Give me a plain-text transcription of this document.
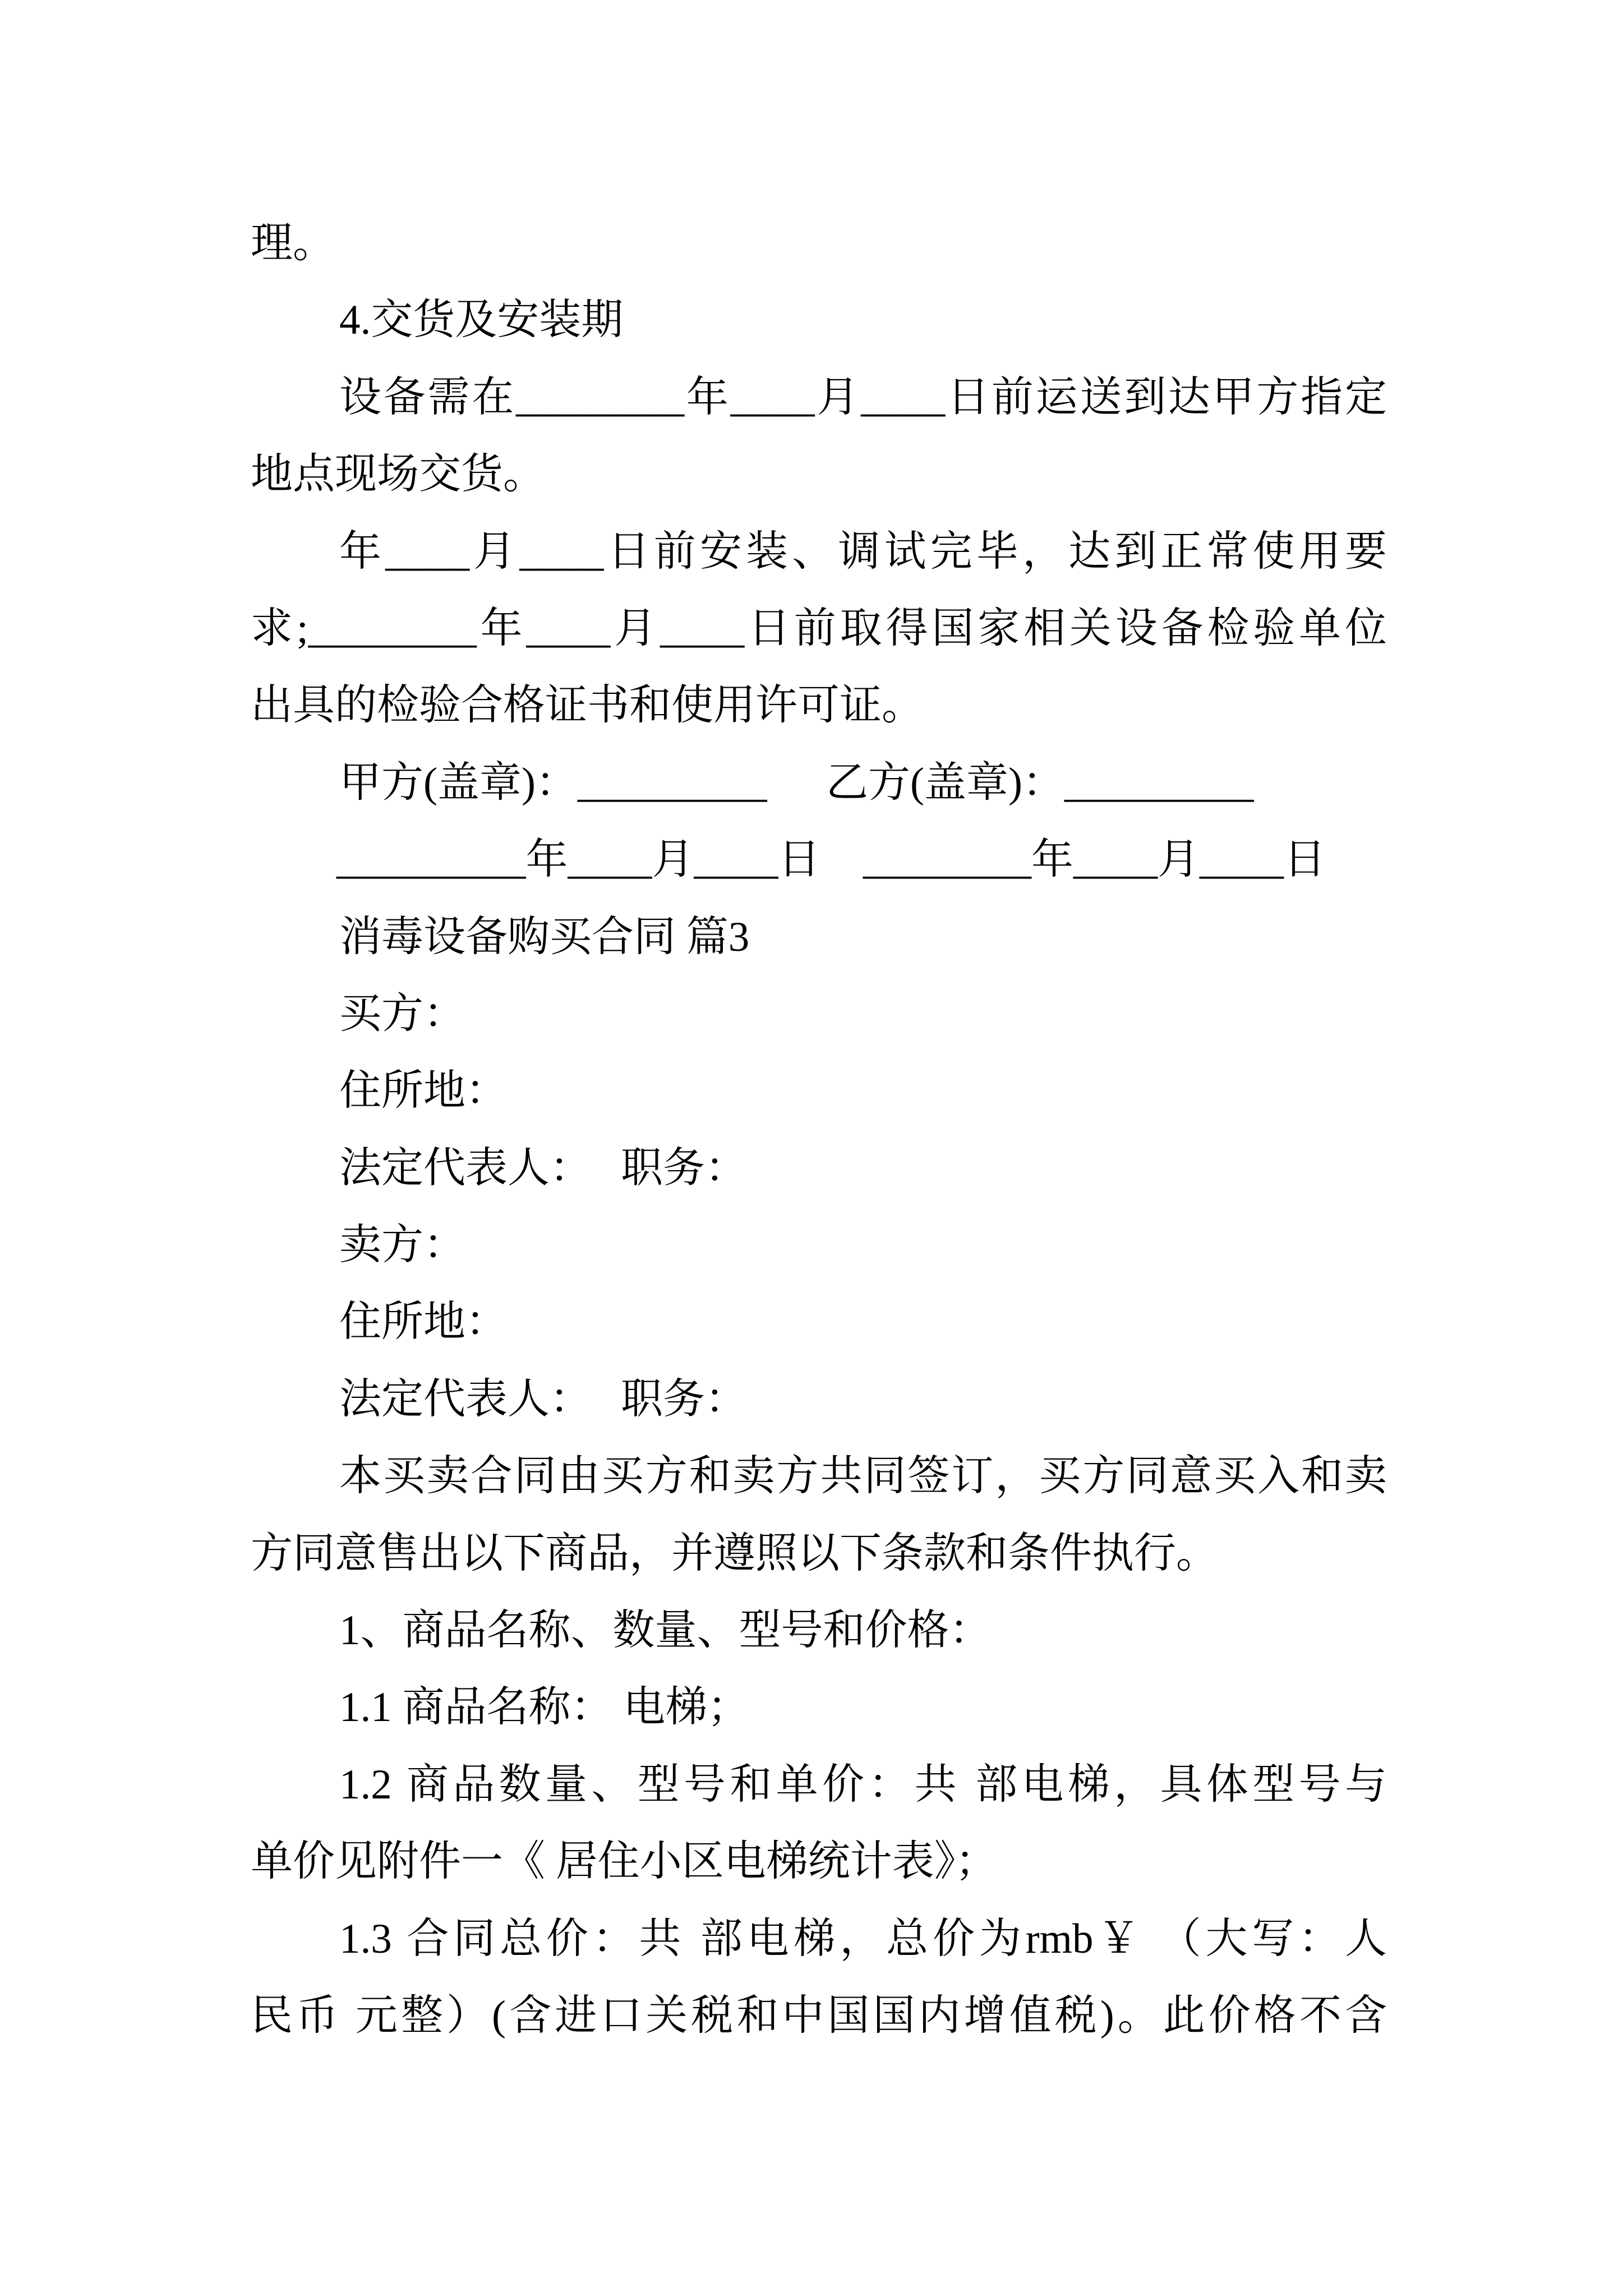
理。
4.交货及安装期
设备需在________年____月____日前运送到达甲方指定
地点现场交货。
年____月____日前安装、调试完毕，达到正常使用要
求;________年____月____日前取得国家相关设备检验单位
出具的检验合格证书和使用许可证。
甲方(盖章)：_________ 乙方(盖章)：_________
_________年____月____日 ________年____月____日
消毒设备购买合同 篇3
买方：
住所地：
法定代表人： 职务：
卖方：
住所地：
法定代表人： 职务：
本买卖合同由买方和卖方共同签订，买方同意买入和卖
方同意售出以下商品，并遵照以下条款和条件执行。
1、商品名称、数量、型号和价格：
1.1 商品名称： 电梯；
1.2 商品数量、型号和单价：共 部电梯，具体型号与
单价见附件一《 居住小区电梯统计表》；
1.3 合同总价：共 部电梯，总价为rmb￥ （大写：人
民币 元整）(含进口关税和中国国内增值税)。此价格不含
